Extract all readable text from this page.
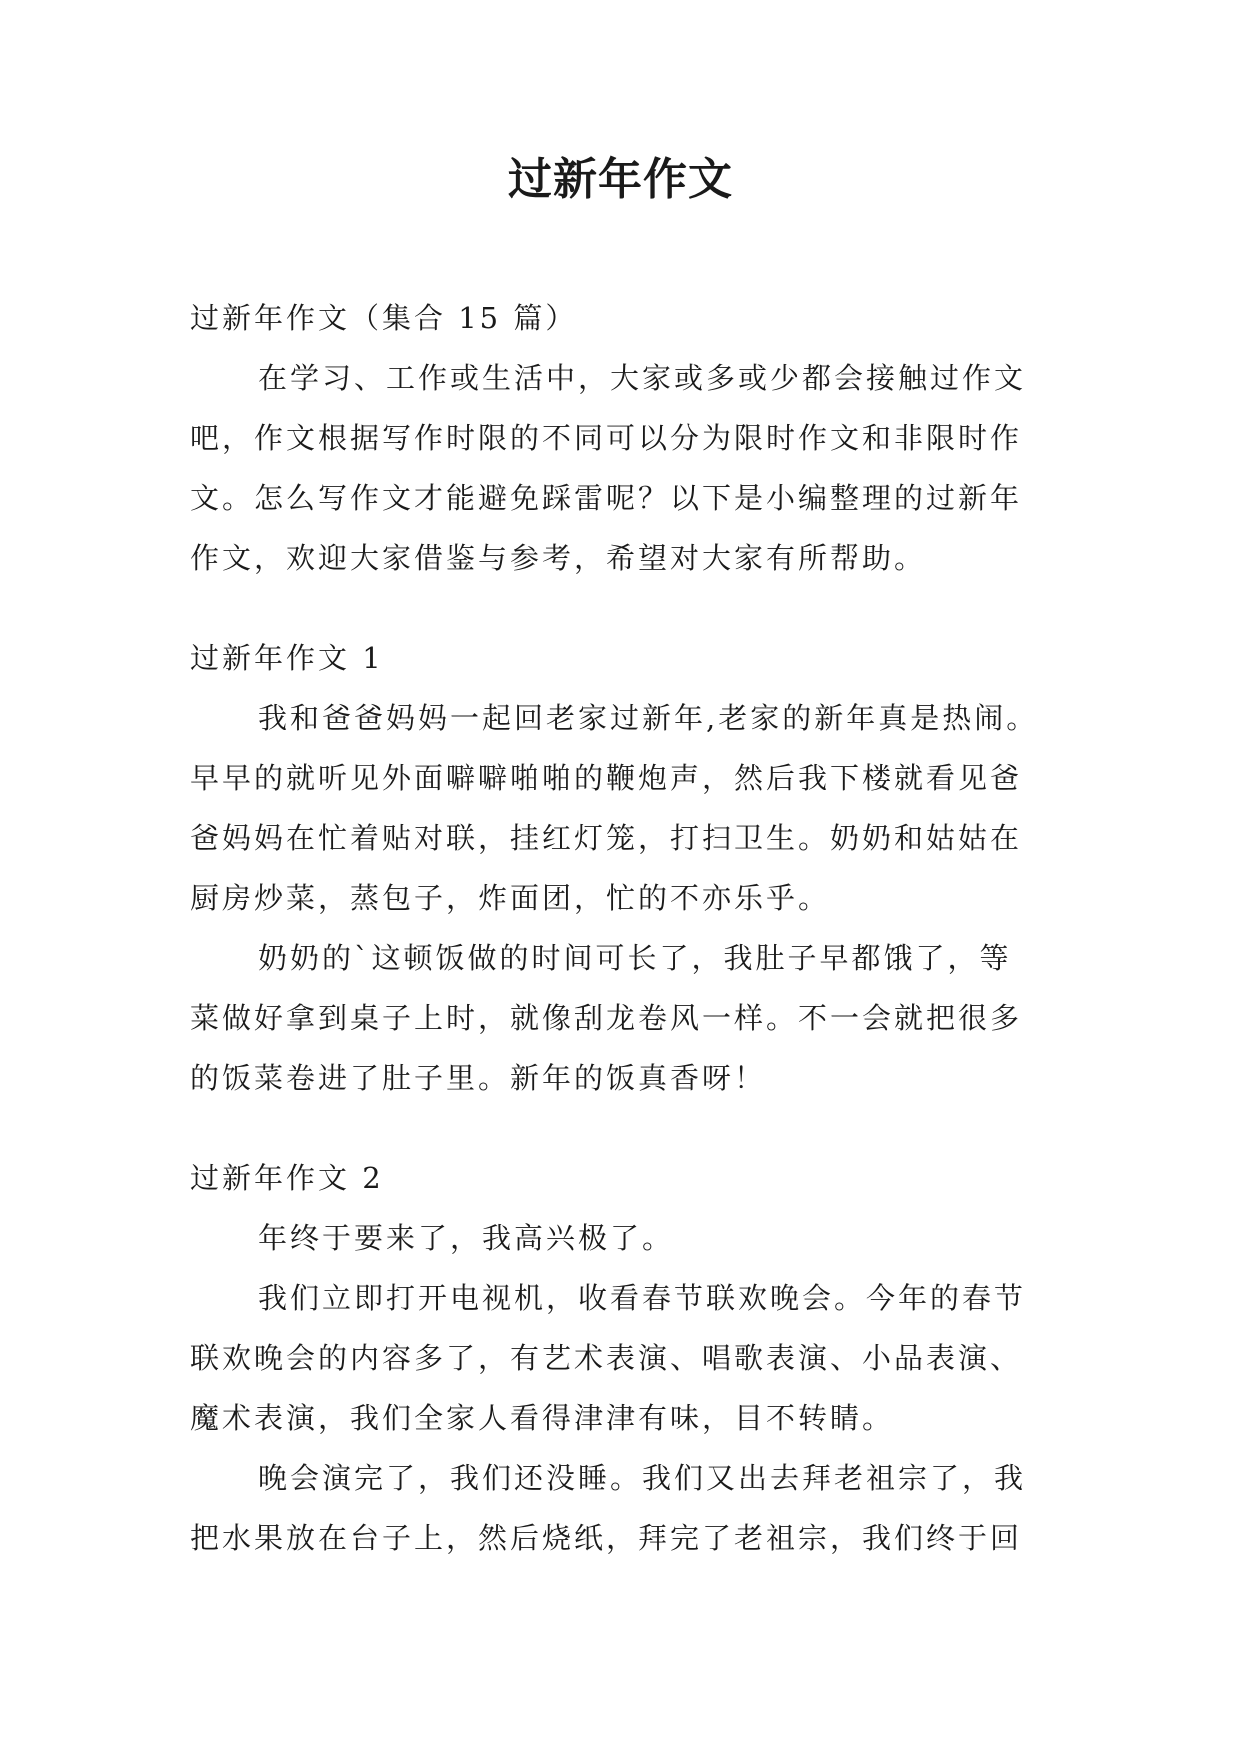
过新年作文
过新年作文（集合 15 篇）
在学习、工作或生活中，大家或多或少都会接触过作文
吧，作文根据写作时限的不同可以分为限时作文和非限时作
文。怎么写作文才能避免踩雷呢？以下是小编整理的过新年
作文，欢迎大家借鉴与参考，希望对大家有所帮助。
过新年作文 1
我和爸爸妈妈一起回老家过新年,老家的新年真是热闹。
早早的就听见外面噼噼啪啪的鞭炮声，然后我下楼就看见爸
爸妈妈在忙着贴对联，挂红灯笼，打扫卫生。奶奶和姑姑在
厨房炒菜，蒸包子，炸面团，忙的不亦乐乎。
奶奶的`这顿饭做的时间可长了，我肚子早都饿了，等
菜做好拿到桌子上时，就像刮龙卷风一样。不一会就把很多
的饭菜卷进了肚子里。新年的饭真香呀！
过新年作文 2
年终于要来了，我高兴极了。
我们立即打开电视机，收看春节联欢晚会。今年的春节
联欢晚会的内容多了，有艺术表演、唱歌表演、小品表演、
魔术表演，我们全家人看得津津有味，目不转睛。
晚会演完了，我们还没睡。我们又出去拜老祖宗了，我
把水果放在台子上，然后烧纸，拜完了老祖宗，我们终于回
